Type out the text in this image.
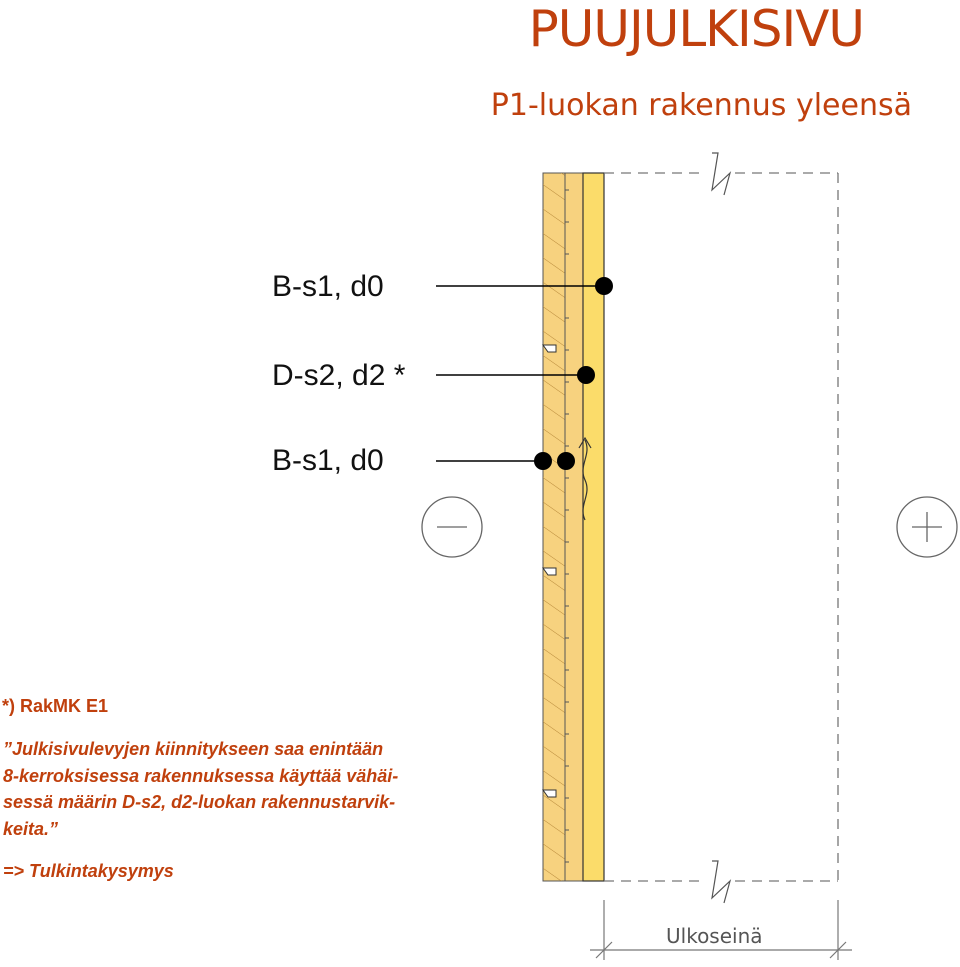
PUUJULKISIVU
P1-luokan rakennus yleensä
B-s1, d0
D-s2, d2 *
B-s1, d0
*) RakMK E1
”Julkisivulevyjen kiinnitykseen saa enintään
8-kerroksisessa rakennuksessa käyttää vähäi-
sessä määrin D-s2, d2-luokan rakennustarvik-
keita.”
=> Tulkintakysymys
Ulkoseinä
